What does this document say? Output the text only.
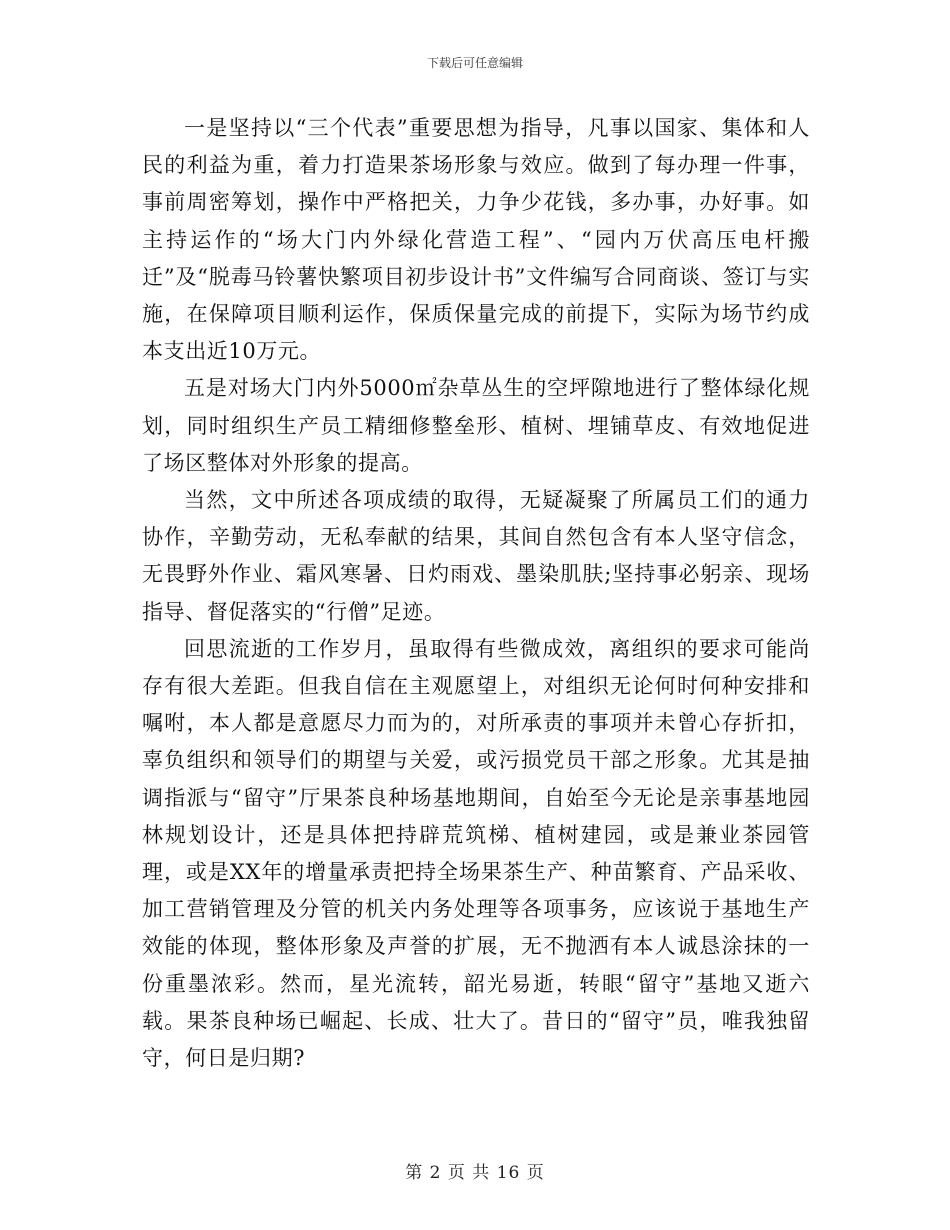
下载后可任意编辑

一是坚持以“三个代表”重要思想为指导，凡事以国家、集体和人民的利益为重，着力打造果茶场形象与效应。做到了每办理一件事，事前周密筹划，操作中严格把关，力争少花钱，多办事，办好事。如主持运作的“场大门内外绿化营造工程”、“园内万伏高压电杆搬迁”及“脱毒马铃薯快繁项目初步设计书”文件编写合同商谈、签订与实施，在保障项目顺利运作，保质保量完成的前提下，实际为场节约成本支出近10万元。

五是对场大门内外5000㎡杂草丛生的空坪隙地进行了整体绿化规划，同时组织生产员工精细修整垒形、植树、埋铺草皮、有效地促进了场区整体对外形象的提高。

当然，文中所述各项成绩的取得，无疑凝聚了所属员工们的通力协作，辛勤劳动，无私奉献的结果，其间自然包含有本人坚守信念，无畏野外作业、霜风寒暑、日灼雨戏、墨染肌肤;坚持事必躬亲、现场指导、督促落实的“行僧”足迹。

回思流逝的工作岁月，虽取得有些微成效，离组织的要求可能尚存有很大差距。但我自信在主观愿望上，对组织无论何时何种安排和嘱咐，本人都是意愿尽力而为的，对所承责的事项并未曾心存折扣，辜负组织和领导们的期望与关爱，或污损党员干部之形象。尤其是抽调指派与“留守”厅果茶良种场基地期间，自始至今无论是亲事基地园林规划设计，还是具体把持辟荒筑梯、植树建园，或是兼业茶园管理，或是XX年的增量承责把持全场果茶生产、种苗繁育、产品采收、加工营销管理及分管的机关内务处理等各项事务，应该说于基地生产效能的体现，整体形象及声誉的扩展，无不抛洒有本人诚恳涂抹的一份重墨浓彩。然而，星光流转，韶光易逝，转眼“留守”基地又逝六载。果茶良种场已崛起、长成、壮大了。昔日的“留守”员，唯我独留守，何日是归期?

第 2 页 共 16 页
